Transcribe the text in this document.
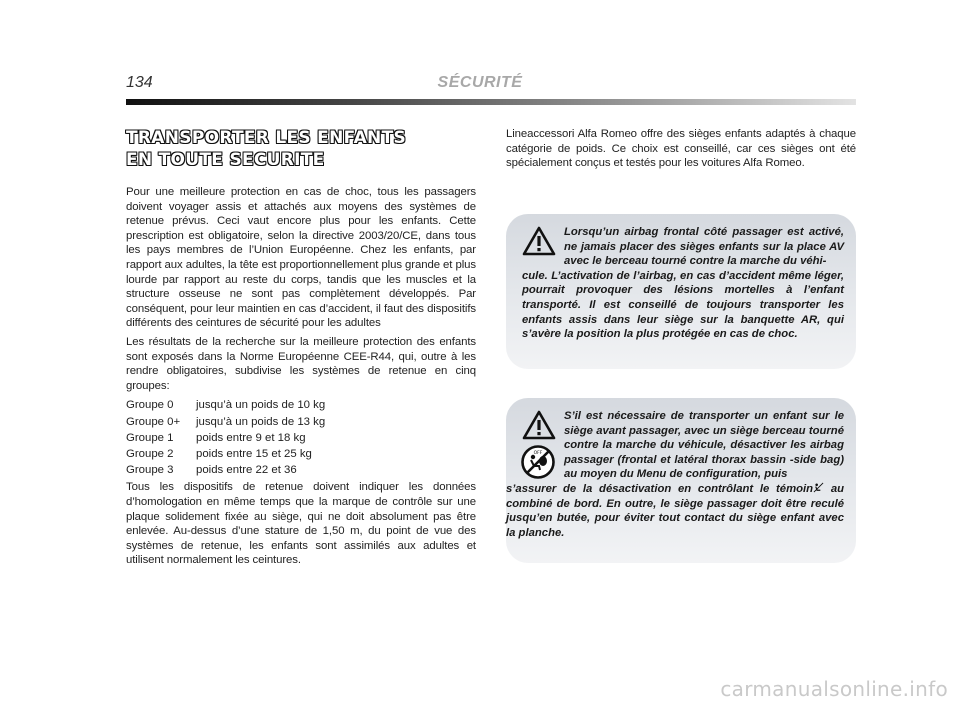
134	SÉCURITÉ
TRANSPORTER LES ENFANTS
EN TOUTE SECURITE

Pour une meilleure protection en cas de choc, tous les passagers doivent voyager assis et attachés aux moyens des systèmes de retenue prévus. Ceci vaut encore plus pour les enfants. Cette prescription est obligatoire, selon la directive 2003/20/CE, dans tous les pays membres de l’Union Européenne. Chez les enfants, par rapport aux adultes, la tête est proportionnellement plus grande et plus lourde par rapport au reste du corps, tandis que les muscles et la structure osseuse ne sont pas complètement développés. Par conséquent, pour leur maintien en cas d’accident, il faut des dispositifs différents des ceintures de sécurité pour les adultes

Les résultats de la recherche sur la meilleure protection des enfants sont exposés dans la Norme Européenne CEE-R44, qui, outre à les rendre obligatoires, subdivise les systèmes de retenue en cinq groupes:

Groupe 0	jusqu’à un poids de 10 kg
Groupe 0+	jusqu’à un poids de 13 kg
Groupe 1	poids entre 9 et 18 kg
Groupe 2	poids entre 15 et 25 kg
Groupe 3	poids entre 22 et 36

Tous les dispositifs de retenue doivent indiquer les données d’homologation en même temps que la marque de contrôle sur une plaque solidement fixée au siège, qui ne doit absolument pas être enlevée. Au-dessus d’une stature de 1,50 m, du point de vue des systèmes de retenue, les enfants sont assimilés aux adultes et utilisent normalement les ceintures.

Lineaccessori Alfa Romeo offre des sièges enfants adaptés à chaque catégorie de poids. Ce choix est conseillé, car ces sièges ont été spécialement conçus et testés pour les voitures Alfa Romeo.

Lorsqu’un airbag frontal côté passager est activé, ne jamais placer des sièges enfants sur la place AV avec le berceau tourné contre la marche du véhi-
cule. L’activation de l’airbag, en cas d’accident même léger, pourrait provoquer des lésions mortelles à l’enfant transporté. Il est conseillé de toujours transporter les enfants assis dans leur siège sur la banquette AR, qui s’avère la position la plus protégée en cas de choc.
OFF
S’il est nécessaire de transporter un enfant sur le siège avant passager, avec un siège berceau tourné contre la marche du véhicule, désactiver les airbag passager (frontal et latéral thorax bassin -side bag) au moyen du Menu de configuration, puis
s’assurer de la désactivation en contrôlant le témoin au combiné de bord. En outre, le siège passager doit être reculé jusqu’en butée, pour éviter tout contact du siège enfant avec la planche.
carmanualsonline.info
